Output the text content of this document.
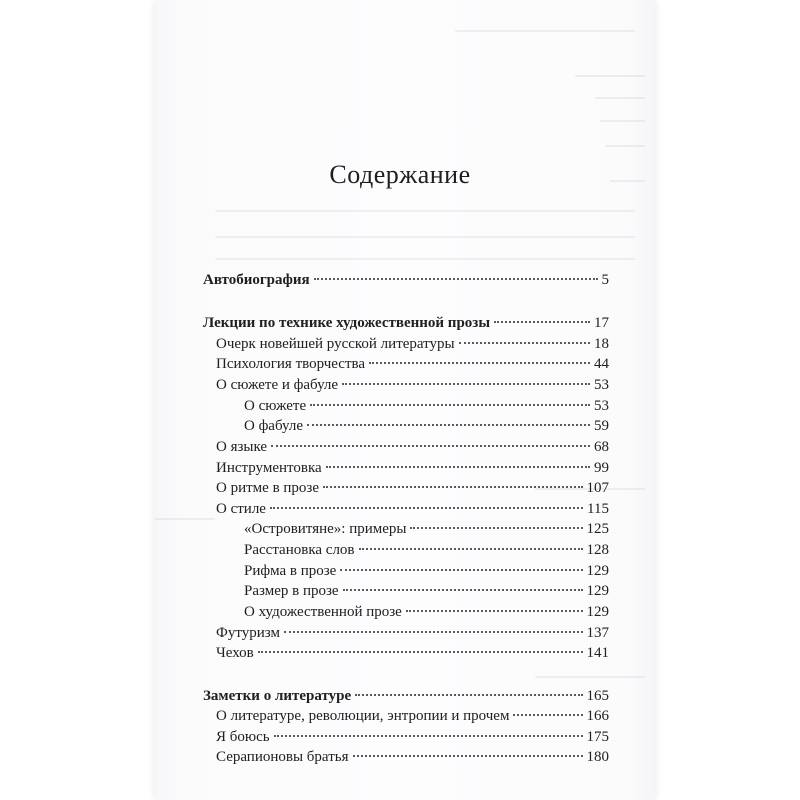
Содержание
Автобиография	5
Лекции по технике художественной прозы	17
Очерк новейшей русской литературы	18
Психология творчества	44
О сюжете и фабуле	53
О сюжете	53
О фабуле	59
О языке	68
Инструментовка	99
О ритме в прозе	107
О стиле	115
«Островитяне»: примеры	125
Расстановка слов	128
Рифма в прозе	129
Размер в прозе	129
О художественной прозе	129
Футуризм	137
Чехов	141
Заметки о литературе	165
О литературе, революции, энтропии и прочем	166
Я боюсь	175
Серапионовы братья	180
